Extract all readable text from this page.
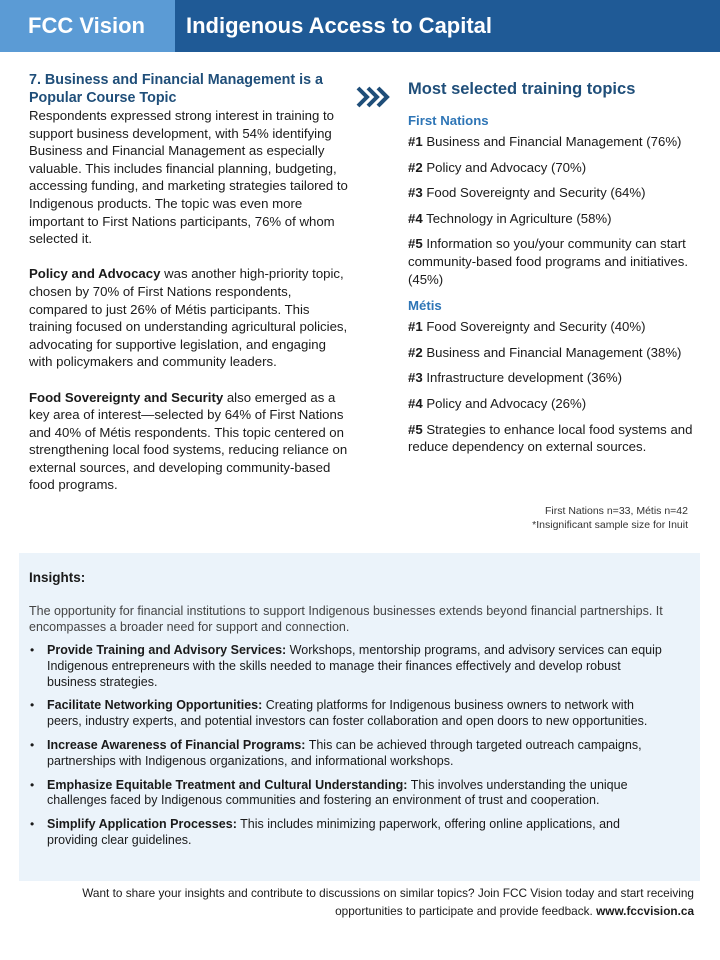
FCC Vision	Indigenous Access to Capital
7. Business and Financial Management is a Popular Course Topic

Respondents expressed strong interest in training to support business development, with 54% identifying Business and Financial Management as especially valuable. This includes financial planning, budgeting, accessing funding, and marketing strategies tailored to Indigenous products. The topic was even more important to First Nations participants, 76% of whom selected it.

Policy and Advocacy was another high-priority topic, chosen by 70% of First Nations respondents, compared to just 26% of Métis participants. This training focused on understanding agricultural policies, advocating for supportive legislation, and engaging with policymakers and community leaders.

Food Sovereignty and Security also emerged as a key area of interest—selected by 64% of First Nations and 40% of Métis respondents. This topic centered on strengthening local food systems, reducing reliance on external sources, and developing community-based food programs.

Most selected training topics
First Nations
#1 Business and Financial Management (76%)
#2 Policy and Advocacy (70%)
#3 Food Sovereignty and Security (64%)
#4 Technology in Agriculture (58%)
#5 Information so you/your community can start community-based food programs and initiatives. (45%)
Métis
#1 Food Sovereignty and Security (40%)
#2 Business and Financial Management (38%)
#3 Infrastructure development (36%)
#4 Policy and Advocacy (26%)
#5 Strategies to enhance local food systems and reduce dependency on external sources.
First Nations n=33, Métis n=42
*Insignificant sample size for Inuit
Insights:
The opportunity for financial institutions to support Indigenous businesses extends beyond financial partnerships. It encompasses a broader need for support and connection.
• Provide Training and Advisory Services: Workshops, mentorship programs, and advisory services can equip Indigenous entrepreneurs with the skills needed to manage their finances effectively and develop robust business strategies.
• Facilitate Networking Opportunities: Creating platforms for Indigenous business owners to network with peers, industry experts, and potential investors can foster collaboration and open doors to new opportunities.
• Increase Awareness of Financial Programs: This can be achieved through targeted outreach campaigns, partnerships with Indigenous organizations, and informational workshops.
• Emphasize Equitable Treatment and Cultural Understanding: This involves understanding the unique challenges faced by Indigenous communities and fostering an environment of trust and cooperation.
• Simplify Application Processes: This includes minimizing paperwork, offering online applications, and providing clear guidelines.
Want to share your insights and contribute to discussions on similar topics? Join FCC Vision today and start receiving opportunities to participate and provide feedback. www.fccvision.ca
